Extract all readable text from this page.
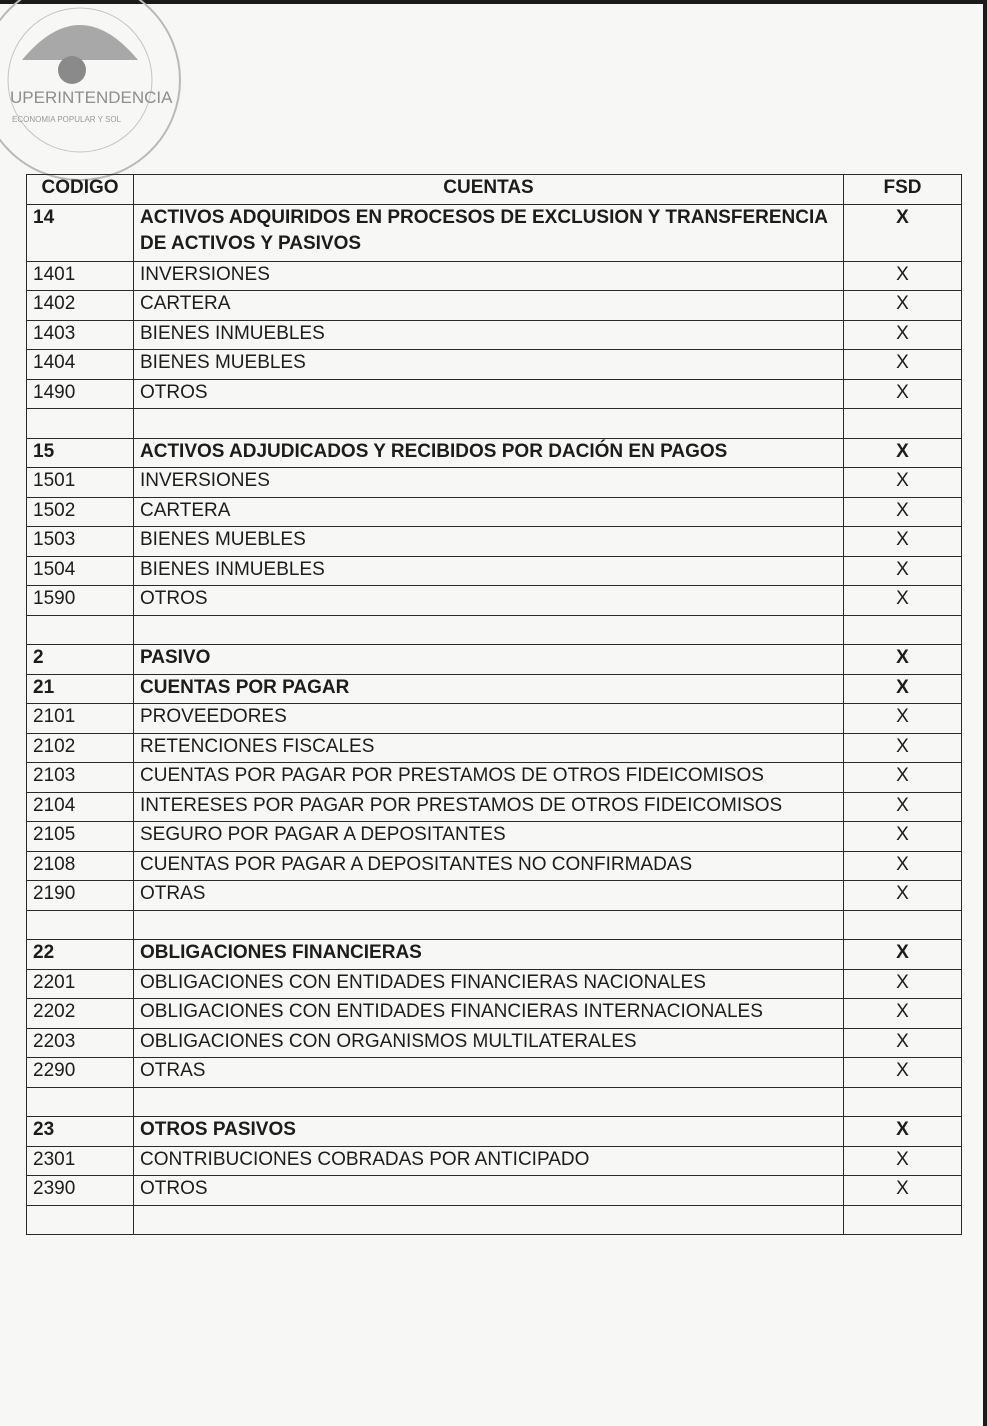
UPERINTENDENCIA
ECONOMIA POPULAR Y SOL
CODIGO	CUENTAS	FSD
14	ACTIVOS ADQUIRIDOS EN PROCESOS DE EXCLUSION Y TRANSFERENCIA DE ACTIVOS Y PASIVOS	X
1401	INVERSIONES	X
1402	CARTERA	X
1403	BIENES INMUEBLES	X
1404	BIENES MUEBLES	X
1490	OTROS	X

15	ACTIVOS ADJUDICADOS Y RECIBIDOS POR DACIÓN EN PAGOS	X
1501	INVERSIONES	X
1502	CARTERA	X
1503	BIENES MUEBLES	X
1504	BIENES INMUEBLES	X
1590	OTROS	X

2	PASIVO	X
21	CUENTAS POR PAGAR	X
2101	PROVEEDORES	X
2102	RETENCIONES FISCALES	X
2103	CUENTAS POR PAGAR POR PRESTAMOS DE OTROS FIDEICOMISOS	X
2104	INTERESES POR PAGAR POR PRESTAMOS DE OTROS FIDEICOMISOS	X
2105	SEGURO POR PAGAR A DEPOSITANTES	X
2108	CUENTAS POR PAGAR A DEPOSITANTES NO CONFIRMADAS	X
2190	OTRAS	X

22	OBLIGACIONES FINANCIERAS	X
2201	OBLIGACIONES CON ENTIDADES FINANCIERAS NACIONALES	X
2202	OBLIGACIONES CON ENTIDADES FINANCIERAS INTERNACIONALES	X
2203	OBLIGACIONES CON ORGANISMOS MULTILATERALES	X
2290	OTRAS	X

23	OTROS PASIVOS	X
2301	CONTRIBUCIONES COBRADAS POR ANTICIPADO	X
2390	OTROS	X
